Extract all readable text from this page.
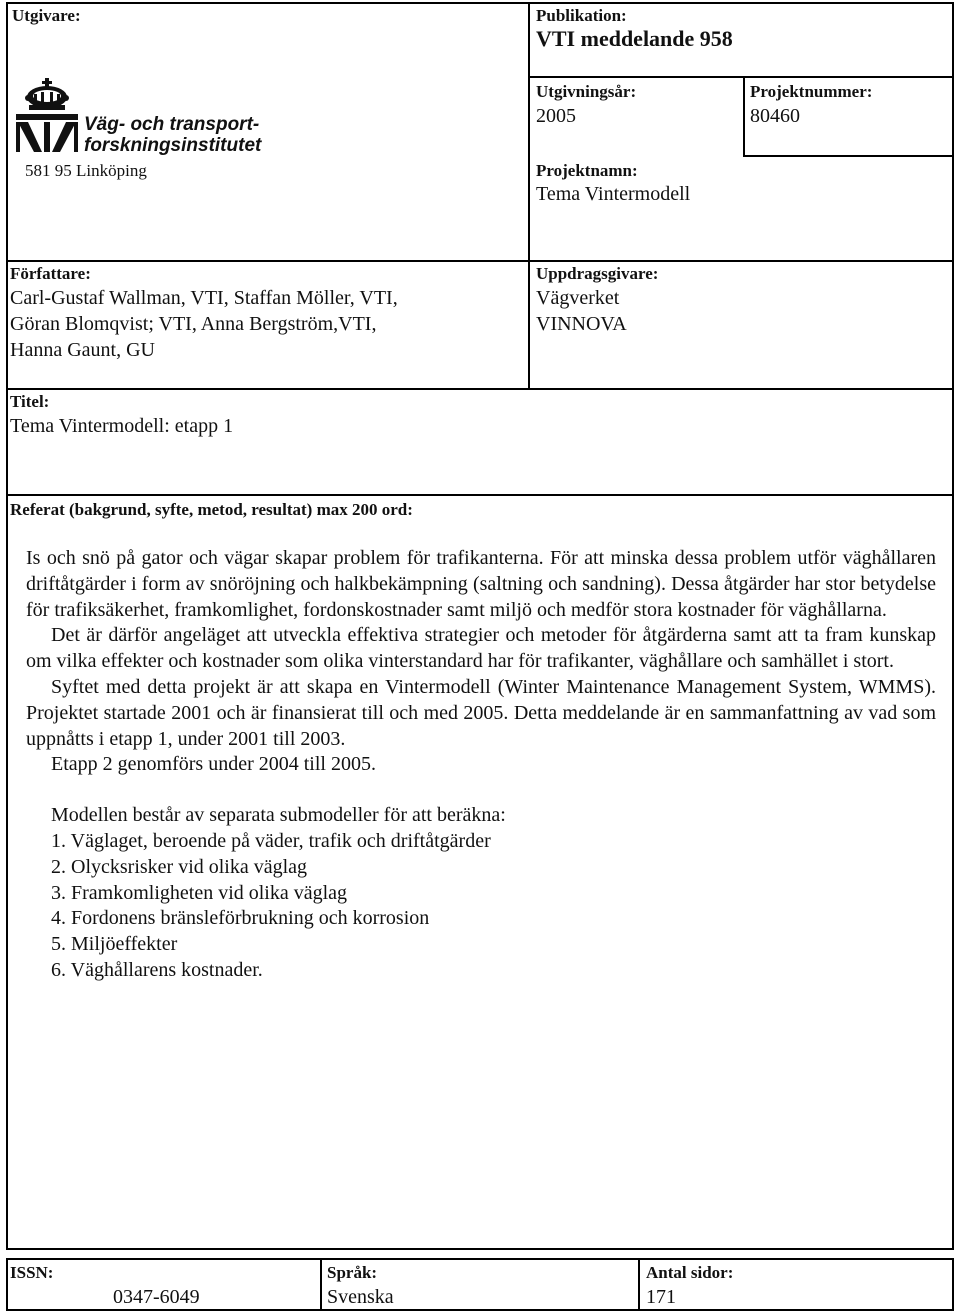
Utgivare:
Väg- och transport-
forskningsinstitutet
581 95 Linköping
Publikation:
VTI meddelande 958
Utgivningsår:
2005
Projektnummer:
80460
Projektnamn:
Tema Vintermodell
Författare:
Carl-Gustaf Wallman, VTI, Staffan Möller, VTI,
Göran Blomqvist; VTI, Anna Bergström,VTI,
Hanna Gaunt, GU
Uppdragsgivare:
Vägverket
VINNOVA
Titel:
Tema Vintermodell: etapp 1
Referat (bakgrund, syfte, metod, resultat) max 200 ord:

Is och snö på gator och vägar skapar problem för trafikanterna. För att minska dessa problem utför väghållaren driftåtgärder i form av snöröjning och halkbekämpning (saltning och sandning). Dessa åtgärder har stor betydelse för trafiksäkerhet, framkomlighet, fordonskostnader samt miljö och medför stora kostnader för väghållarna.

Det är därför angeläget att utveckla effektiva strategier och metoder för åtgärderna samt att ta fram kunskap om vilka effekter och kostnader som olika vinterstandard har för trafikanter, väghållare och samhället i stort.

Syftet med detta projekt är att skapa en Vintermodell (Winter Maintenance Management System, WMMS). Projektet startade 2001 och är finansierat till och med 2005. Detta meddelande är en sammanfattning av vad som uppnåtts i etapp 1, under 2001 till 2003.

Etapp 2 genomförs under 2004 till 2005.

Modellen består av separata submodeller för att beräkna:

1. Väglaget, beroende på väder, trafik och driftåtgärder
2. Olycksrisker vid olika väglag
3. Framkomligheten vid olika väglag
4. Fordonens bränsleförbrukning och korrosion
5. Miljöeffekter
6. Väghållarens kostnader.
ISSN:
0347-6049
Språk:
Svenska
Antal sidor:
171
